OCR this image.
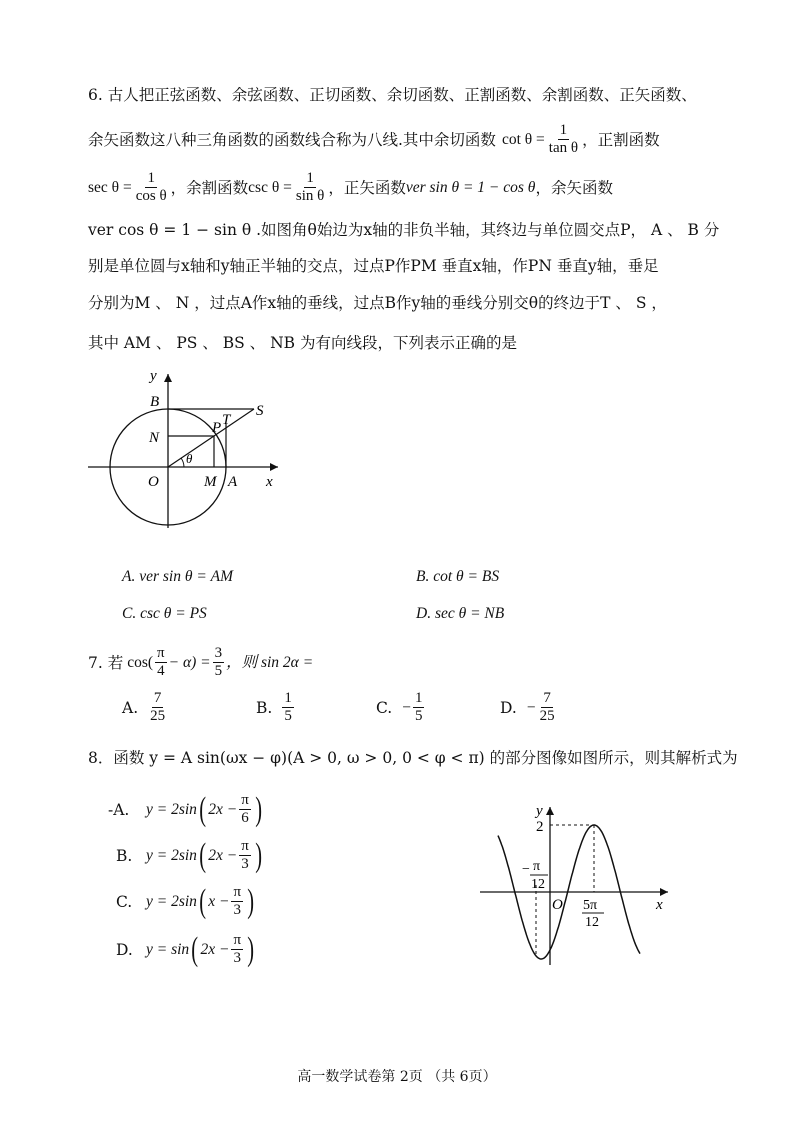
6. 古人把正弦函数、余弦函数、正切函数、余切函数、正割函数、余割函数、正矢函数、
余矢函数这八种三角函数的函数线合称为八线.其中余切函数 $\cot \theta = \frac{1}{\text{tan θ}}$ ，正割函数
$\sec \theta = \frac{1}{\text{cos θ}}$ ，余割函数 $\csc \theta = \frac{1}{\text{sin θ}}$ ，正矢函数 ver sin θ = 1 − cos θ ，余矢函数
ver cos θ = 1 − sin θ .如图角θ始边为x轴的非负半轴，其终边与单位圆交点P， A 、 B 分
别是单位圆与x轴和y轴正半轴的交点，过点P作PM 垂直x轴，作PN 垂直y轴，垂足
分别为M 、 N ，过点A作x轴的垂线，过点B作y轴的垂线分别交θ的终边于T 、 S ，
其中 AM 、 PS 、 BS 、 NB 为有向线段，下列表示正确的是
y
x
B
S
P T
N
O	M A
θ
A. ver sin θ = AM	B. cot θ = BS
C. csc θ = PS	D. sec θ = NB
7. 若 $\cos( \frac{\pi}{4} - \alpha) = \frac{3}{5}$ ，则 sin 2α =
A. $\frac{7}{25}$	B. $\frac{1}{5}$	C. − $\frac{1}{5}$	D. − $\frac{7}{25}$
8．函数 y = A sin(ωx − φ)(A > 0, ω > 0, 0 < φ < π) 的部分图像如图所示，则其解析式为
-A.	y = 2sin ( $2x - \frac{\pi}{6}$ )
B. y = 2sin ( $2x - \frac{\pi}{3}$ )
C. y = 2sin ( $x - \frac{\pi}{3}$ )
D. y = sin ( $2x - \frac{\pi}{3}$ )
y
x
2
O
− π
12
5π
12
高一数学试卷第 2页 （共 6页）
